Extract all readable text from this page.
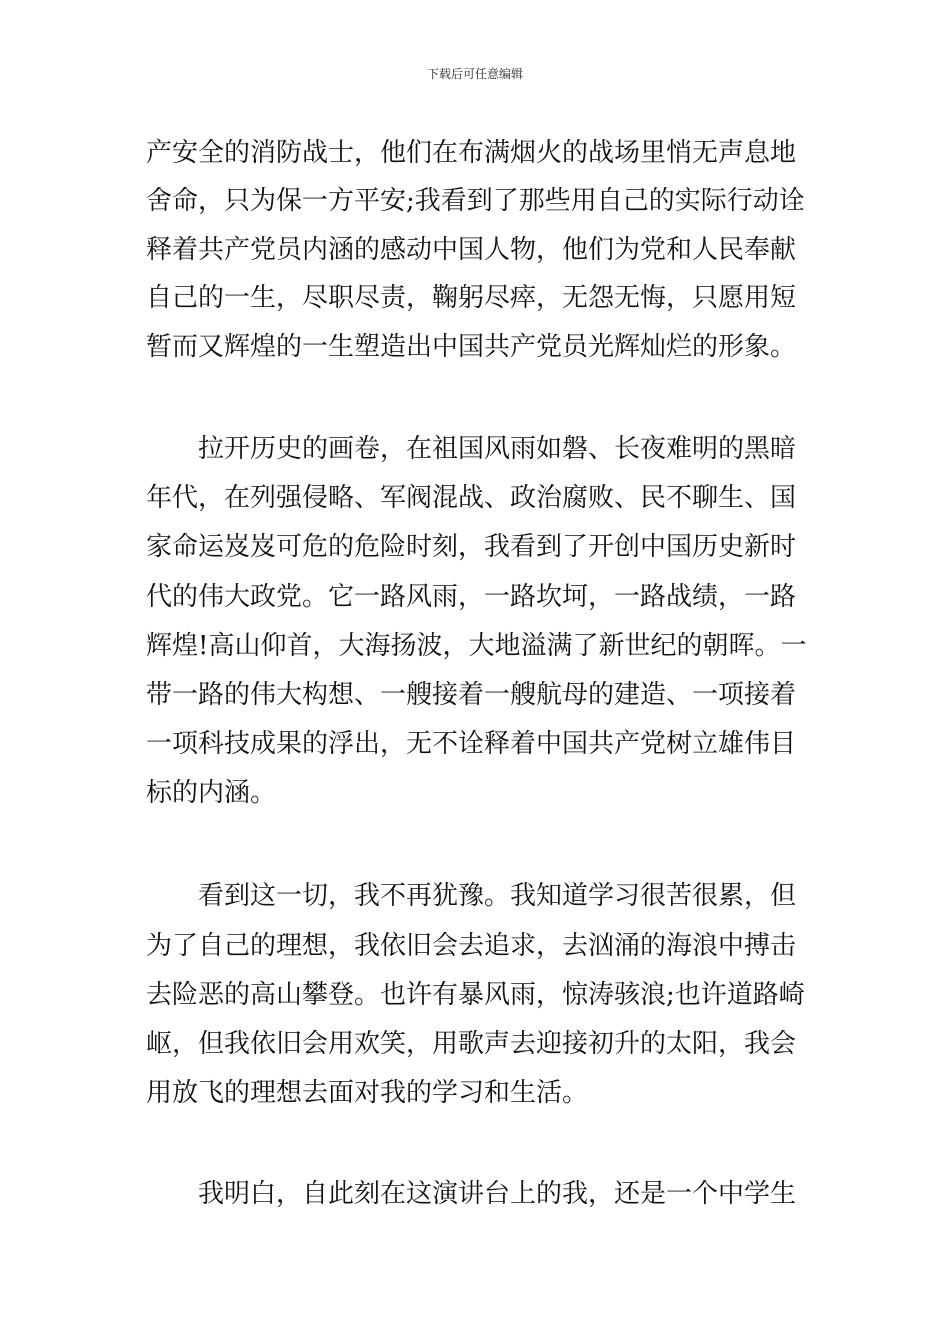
下载后可任意编辑
产安全的消防战士，他们在布满烟火的战场里悄无声息地
舍命，只为保一方平安;我看到了那些用自己的实际行动诠
释着共产党员内涵的感动中国人物，他们为党和人民奉献
自己的一生，尽职尽责，鞠躬尽瘁，无怨无悔，只愿用短
暂而又辉煌的一生塑造出中国共产党员光辉灿烂的形象。
拉开历史的画卷，在祖国风雨如磐、长夜难明的黑暗
年代，在列强侵略、军阀混战、政治腐败、民不聊生、国
家命运岌岌可危的危险时刻，我看到了开创中国历史新时
代的伟大政党。它一路风雨，一路坎坷，一路战绩，一路
辉煌!高山仰首，大海扬波，大地溢满了新世纪的朝晖。一
带一路的伟大构想、一艘接着一艘航母的建造、一项接着
一项科技成果的浮出，无不诠释着中国共产党树立雄伟目
标的内涵。
看到这一切，我不再犹豫。我知道学习很苦很累，但
为了自己的理想，我依旧会去追求，去汹涌的海浪中搏击
去险恶的高山攀登。也许有暴风雨，惊涛骇浪;也许道路崎
岖，但我依旧会用欢笑，用歌声去迎接初升的太阳，我会
用放飞的理想去面对我的学习和生活。
我明白，自此刻在这演讲台上的我，还是一个中学生
